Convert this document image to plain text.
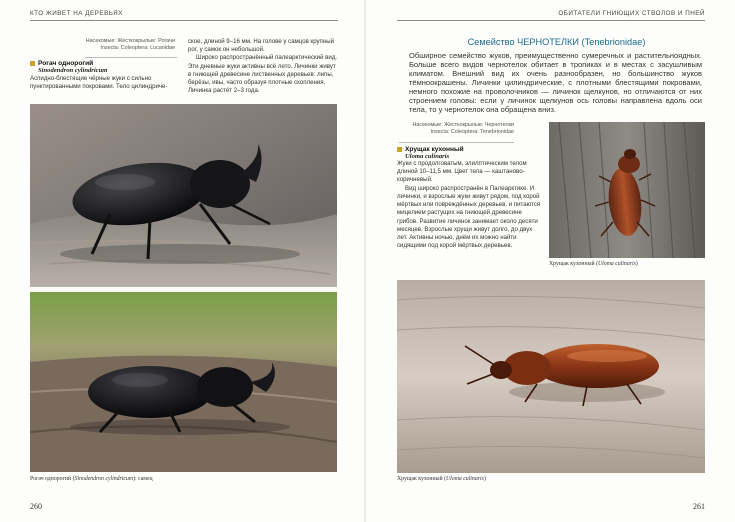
КТО ЖИВЕТ НА ДЕРЕВЬЯХ
Насекомые: Жесткокрылые: Рогачи
Insecta: Coleoptera: Lucanidae
Рогач однорогий
Sinodendron cylindricum
Аспидно-блестящие чёрные жуки с сильно пунктированными покровами. Тело цилиндриче-
ское, длиной 9–16 мм. На голове у самцов крупный рог, у самок он небольшой.
Широко распространённый палеарктический вид. Эти дневные жуки активны всё лето. Личинки живут в гниющей древесине лиственных деревьев: липы, берёзы, ивы, часто образуя плотные скопления. Личинка растёт 2–3 года.
Рогач однорогий (Sinodendron cylindricum): самец
260
ОБИТАТЕЛИ ГНИЮЩИХ СТВОЛОВ И ПНЕЙ
Семейство ЧЕРНОТЕЛКИ (Tenebrionidae)
Обширное семейство жуков, преимущественно сумеречных и растительноядных. Больше всего видов чернотелок обитает в тропиках и в местах с засушливым климатом. Внешний вид их очень разнообразен, но большинство жуков тёмноокрашены. Личинки цилиндрические, с плотными блестящими покровами, немного похожие на проволочников — личинок щелкунов, но отличаются от них строением головы: если у личинок щелкунов ось головы направлена вдоль оси тела, то у чернотелок она обращена вниз.
Насекомые: Жесткокрылые: Чернотелки
Insecta: Coleoptera: Tenebrionidae
Хрущак кухонный
Uloma culinaris
Жуки с продолговатым, элилптическим телом длиной 10–11,5 мм. Цвет тела — каштаново-коричневый.
Вид широко распространён в Палеарктике. И личинки, и взрослые жуки живут рядом, под корой мёртвых или повреждённых деревьев, и питаются мицелием растущих на гниющей древесине грибов. Развитие личинок занимает около десяти месяцев. Взрослые хрущи живут долго, до двух лет. Активны ночью, днём их можно найти сидящими под корой мёртвых деревьев.
Хрущак кухонный (Uloma culinaris)
Хрущак кухонный (Uloma culinaris)
261
